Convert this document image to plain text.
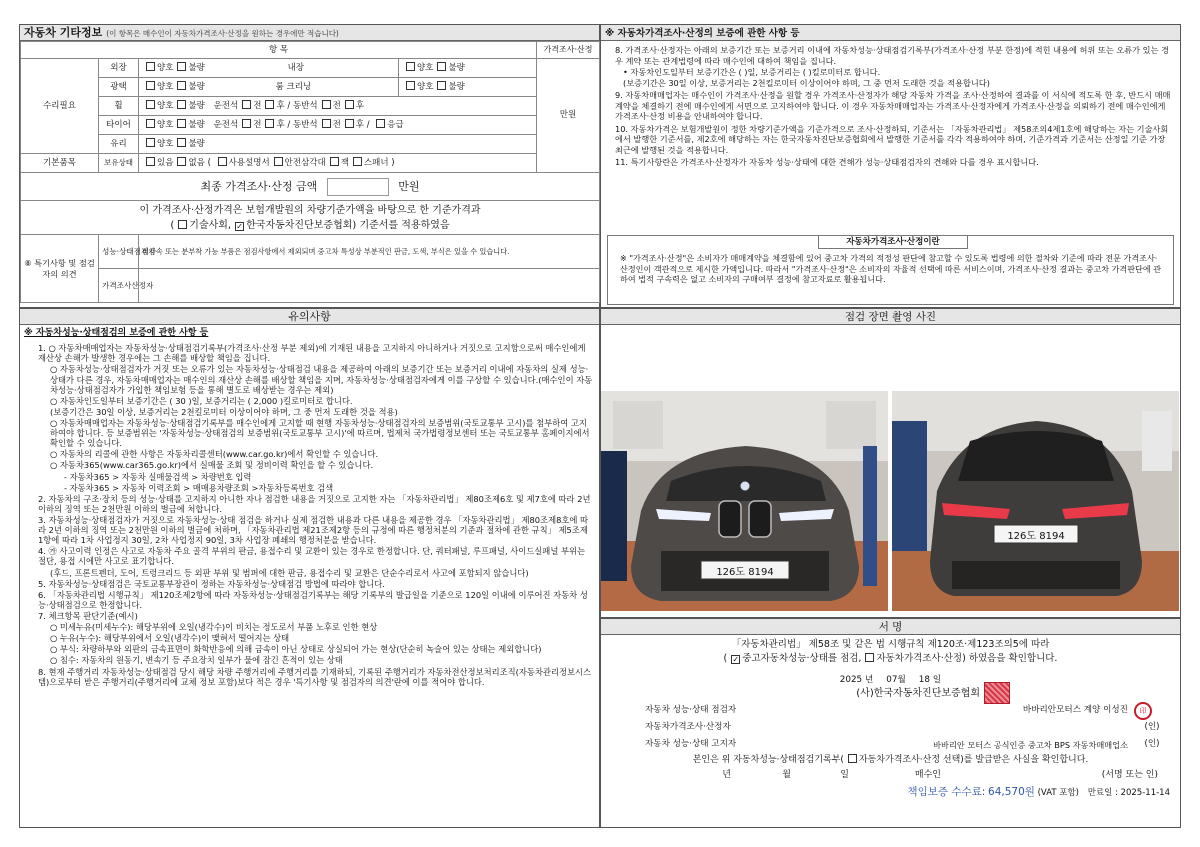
자동차 기타정보 (이 항목은 매수인이 자동차가격조사·산정을 원하는 경우에만 적습니다)
항 목				가격조사·산정
수리필요	외장	양호 불량 내장	양호 불량	만원
	광택	양호 불량 룸 크리닝	양호 불량	
	휠	양호 불량 운전석 전 후 / 동반석 전 후		
	타이어	양호 불량 운전석 전 후 / 동반석 전 후 / 응급		
	유리	양호 불량		
기본품목	보유상태	있음 없음 ( 사용설명서 안전삼각대 잭 스패너 )		
최종 가격조사·산정 금액 만원				

이 가격조사·산정가격은 보험개발원의 차량기준가액을 바탕으로 한 기준가격과
( 기술사회, ✓ 한국자동차진단보증협회) 기준서를 적용하였음				

⑧ 특기사항 및 점검자의 의견	성능·상태점검자	비금속 또는 분부착 가능 부품은 점검사항에서 제외되며 중고차 특성상 부분적인 판금, 도색, 부식은 있을 수 있습니다.		
	가격조사산정자			
※ 자동차가격조사·산정의 보증에 관한 사항 등

8. 가격조사·산정자는 아래의 보증기간 또는 보증거리 이내에 자동차성능·상태점검기록부(가격조사·산정 부분 한정)에 적힌 내용에 허위 또는 오류가 있는 경우 계약 또는 관계법령에 따라 매수인에 대하여 책임을 집니다.

• 자동차인도일부터 보증기간은 ( )일, 보증거리는 ( )킬로미터로 합니다.

(보증기간은 30일 이상, 보증거리는 2천킬로미터 이상이어야 하며, 그 중 먼저 도래한 것을 적용합니다)

9. 자동차매매업자는 매수인이 가격조사·산정을 원할 경우 가격조사·산정자가 해당 자동차 가격을 조사·산정하여 결과를 이 서식에 적도록 한 후, 반드시 매매계약을 체결하기 전에 매수인에게 서면으로 고지하여야 합니다. 이 경우 자동차매매업자는 가격조사·산정자에게 가격조사·산정을 의뢰하기 전에 매수인에게 가격조사·산정 비용을 안내하여야 합니다.

10. 자동차가격은 보험개발원이 정한 차량기준가액을 기준가격으로 조사·산정하되, 기준서는 「자동차관리법」 제58조의4제1호에 해당하는 자는 기술사회에서 발행한 기준서를, 제2호에 해당하는 자는 한국자동차진단보증협회에서 발행한 기준서를 각각 적용하여야 하며, 기준가격과 기준서는 산정일 기준 가장 최근에 발행된 것을 적용합니다.

11. 특기사항란은 가격조사·산정자가 자동차 성능·상태에 대한 견해가 성능·상태점검자의 견해와 다를 경우 표시합니다.

자동차가격조사·산정이란

※ "가격조사·산정"은 소비자가 매매계약을 체결함에 있어 중고차 가격의 적정성 판단에 참고할 수 있도록 법령에 의한 절차와 기준에 따라 전문 가격조사·산정인이 객관적으로 제시한 가액입니다. 따라서 "가격조사·산정"은 소비자의 자율적 선택에 따른 서비스이며, 가격조사·산정 결과는 중고차 가격판단에 관하여 법적 구속력은 없고 소비자의 구매여부 결정에 참고자료로 활용됩니다.

유의사항
※ 자동차성능·상태점검의 보증에 관한 사항 등
1. ○ 자동차매매업자는 자동차성능·상태점검기록부(가격조사·산정 부분 제외)에 기재된 내용을 고지하지 아니하거나 거짓으로 고지함으로써 매수인에게 재산상 손해가 발생한 경우에는 그 손해를 배상할 책임을 집니다.
○ 자동차성능·상태점검자가 거짓 또는 오류가 있는 자동차성능·상태점검 내용을 제공하여 아래의 보증기간 또는 보증거리 이내에 자동차의 실제 성능·상태가 다른 경우, 자동차매매업자는 매수인의 재산상 손해를 배상할 책임을 지며, 자동차성능·상태점검자에게 이를 구상할 수 있습니다.(매수인이 자동차성능·상태점검자가 가입한 책임보험 등을 통해 별도로 배상받는 경우는 제외)
○ 자동차인도일부터 보증기간은 ( 30 )일, 보증거리는 ( 2,000 )킬로미터로 합니다.
(보증기간은 30일 이상, 보증거리는 2천킬로미터 이상이어야 하며, 그 중 먼저 도래한 것을 적용)
○ 자동차매매업자는 자동차성능·상태점검기록부를 매수인에게 고지할 때 현행 자동차성능·상태점검자의 보증범위(국토교통부 고시)를 첨부하여 고지하여야 합니다. 등 보증범위는 '자동차성능·상태점검의 보증범위(국토교통부 고시)'에 따르며, 법제처 국가법령정보센터 또는 국토교통부 홈페이지에서 확인할 수 있습니다.
○ 자동차의 리콜에 관한 사항은 자동차리콜센터(www.car.go.kr)에서 확인할 수 있습니다.
○ 자동차365(www.car365.go.kr)에서 실매물 조회 및 정비이력 확인을 할 수 있습니다.
- 자동차365 > 자동차 실매물검색 > 차량번호 입력
- 자동차365 > 자동차 이력조회 > 매매용차량조회 >자동차등록번호 검색
2. 자동차의 구조·장치 등의 성능·상태를 고지하지 아니한 자나 점검한 내용을 거짓으로 고지한 자는 「자동차관리법」 제80조제6호 및 제7호에 따라 2년 이하의 징역 또는 2천만원 이하의 벌금에 처합니다.
3. 자동차성능·상태점검자가 거짓으로 자동차성능·상태 점검을 하거나 실제 점검한 내용과 다른 내용을 제공한 경우 「자동차관리법」 제80조제8호에 따라 2년 이하의 징역 또는 2천만원 이하의 벌금에 처하며, 「자동차관리법 제21조제2항 등의 규정에 따른 행정처분의 기준과 절차에 관한 규칙」 제5조제1항에 따라 1차 사업정지 30일, 2차 사업정지 90일, 3차 사업장 폐쇄의 행정처분을 받습니다.
4. ㉮ 사고이력 인정은 사고로 자동차 주요 골격 부위의 판금, 용접수리 및 교환이 있는 경우로 한정합니다. 단, 쿼터패널, 루프패널, 사이드실패널 부위는 절단, 용접 시에만 사고로 표기합니다.
(후드, 프론트펜더, 도어, 트렁크리드 등 외판 부위 및 범퍼에 대한 판금, 용접수리 및 교환은 단순수리로서 사고에 포함되지 않습니다)
5. 자동차성능·상태점검은 국토교통부장관이 정하는 자동차성능·상태점검 방법에 따라야 합니다.
6. 「자동차관리법 시행규칙」 제120조제2항에 따라 자동차성능·상태점검기록부는 해당 기록부의 발급일을 기준으로 120일 이내에 이루어진 자동차 성능·상태점검으로 한정합니다.
7. 체크항목 판단기준(예시)
○ 미세누유(미세누수): 해당부위에 오일(냉각수)이 비치는 정도로서 부품 노후로 인한 현상
○ 누유(누수): 해당부위에서 오일(냉각수)이 맺혀서 떨어지는 상태
○ 부식: 차량하부와 외판의 금속표면이 화학반응에 의해 금속이 아닌 상태로 상실되어 가는 현상(단순히 녹슬어 있는 상태는 제외합니다)
○ 침수: 자동차의 원동기, 변속기 등 주요장치 일부가 물에 잠긴 흔적이 있는 상태
8. 현재 주행거리 자동차성능·상태점검 당시 해당 차량 주행거리에 주행거리를 기재하되, 기록된 주행거리가 자동차전산정보처리조직(자동차관리정보시스템)으로부터 받은 주행거리(주행거리에 교체 정보 포함)보다 적은 경우 '특기사항 및 점검자의 의견'란에 이를 적어야 합니다.
점검 장면 촬영 사진
126도 8194
126도 8194
서 명
「자동차관리법」 제58조 및 같은 법 시행규칙 제120조·제123조의5에 따라
( ✓ 중고자동차성능·상태를 점검, 자동차가격조사·산정) 하였음을 확인합니다.
2025 년 07월 18 일
(사)한국자동차진단보증협회
자동차 성능·상태 점검자	바바리안모터스 계양 이성진	印
자동차가격조사·산정자	(인)
자동차 성능·상태 고지자	바바리안 모터스 공식인증 중고차 BPS 자동차매매업소	(인)
본인은 위 자동차성능·상태점검기록부( 자동차가격조사·산정 선택)를 발급받은 사실을 확인합니다.
년	월	일	매수인	(서명 또는 인)
책임보증 수수료: 64,570원 (VAT 포함) 만료일 : 2025-11-14
